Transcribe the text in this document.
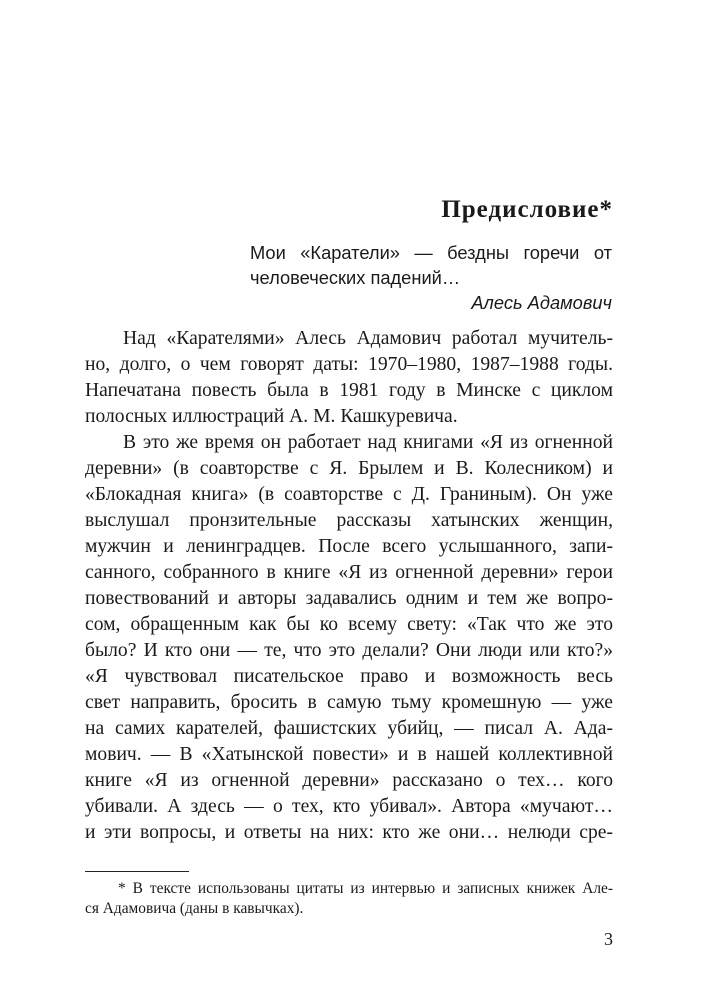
Предисловие*
Мои «Каратели» — бездны горечи от
человеческих падений…
Алесь Адамович
Над «Карателями» Алесь Адамович работал мучитель-
но, долго, о чем говорят даты: 1970–1980, 1987–1988 годы.
Напечатана повесть была в 1981 году в Минске с циклом
полосных иллюстраций А. М. Кашкуревича.
В это же время он работает над книгами «Я из огненной
деревни» (в соавторстве с Я. Брылем и В. Колесником) и
«Блокадная книга» (в соавторстве с Д. Граниным). Он уже
выслушал пронзительные рассказы хатынских женщин,
мужчин и ленинградцев. После всего услышанного, запи-
санного, собранного в книге «Я из огненной деревни» герои
повествований и авторы задавались одним и тем же вопро-
сом, обращенным как бы ко всему свету: «Так что же это
было? И кто они — те, что это делали? Они люди или кто?»
«Я чувствовал писательское право и возможность весь
свет направить, бросить в самую тьму кромешную — уже
на самих карателей, фашистских убийц, — писал А. Ада-
мович. — В «Хатынской повести» и в нашей коллективной
книге «Я из огненной деревни» рассказано о тех… кого
убивали. А здесь — о тех, кто убивал». Автора «мучают…
и эти вопросы, и ответы на них: кто же они… нелюди сре-
* В тексте использованы цитаты из интервью и записных книжек Але-
ся Адамовича (даны в кавычках).
3
